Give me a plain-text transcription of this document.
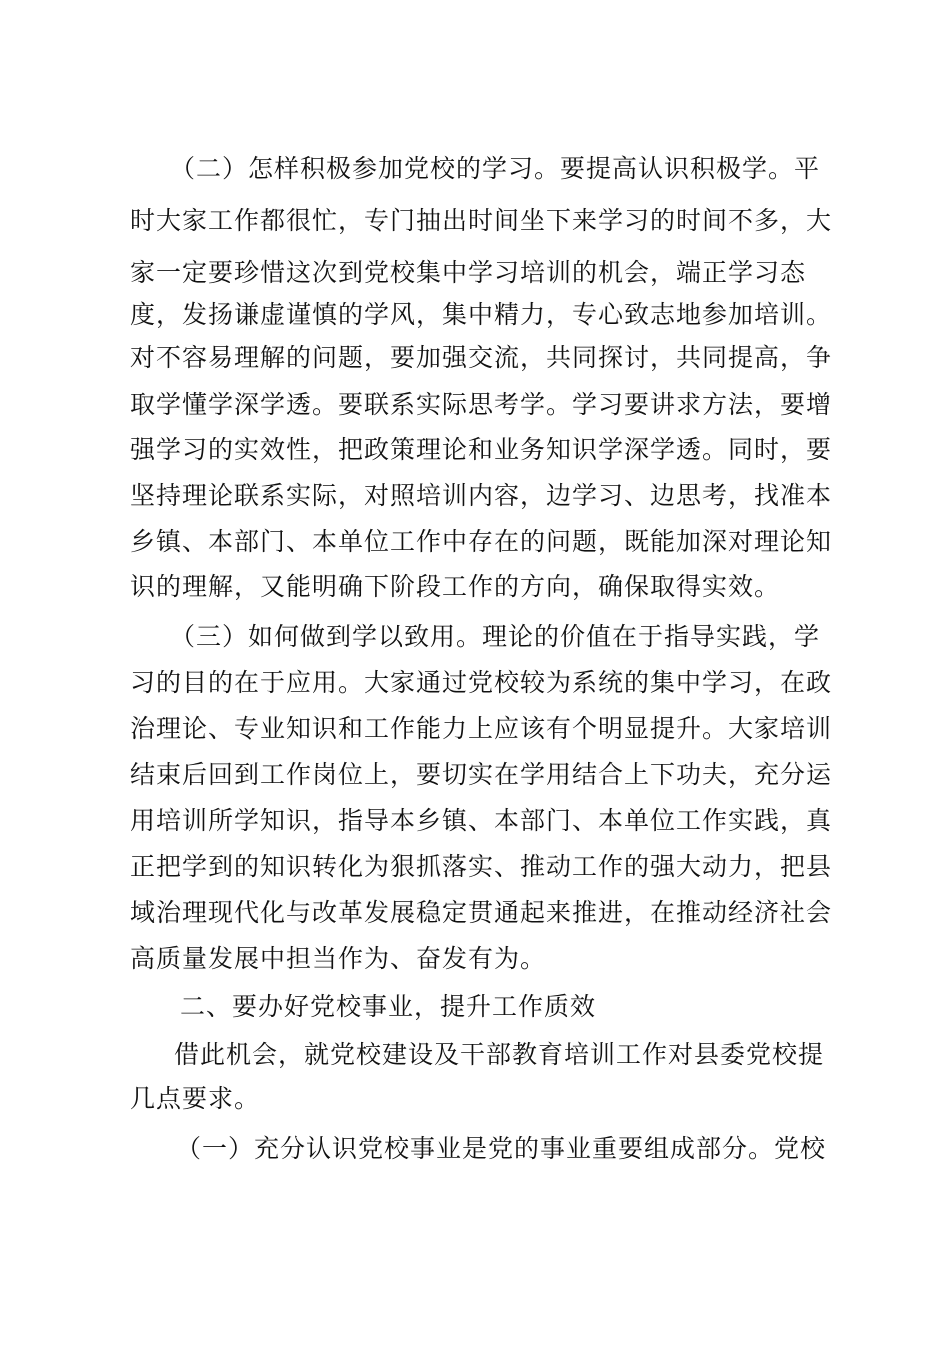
（二）怎样积极参加党校的学习。要提高认识积极学。平
时大家工作都很忙，专门抽出时间坐下来学习的时间不多，大
家一定要珍惜这次到党校集中学习培训的机会，端正学习态
度，发扬谦虚谨慎的学风，集中精力，专心致志地参加培训。
对不容易理解的问题，要加强交流，共同探讨，共同提高，争
取学懂学深学透。要联系实际思考学。学习要讲求方法，要增
强学习的实效性，把政策理论和业务知识学深学透。同时，要
坚持理论联系实际，对照培训内容，边学习、边思考，找准本
乡镇、本部门、本单位工作中存在的问题，既能加深对理论知
识的理解，又能明确下阶段工作的方向，确保取得实效。
（三）如何做到学以致用。理论的价值在于指导实践，学
习的目的在于应用。大家通过党校较为系统的集中学习，在政
治理论、专业知识和工作能力上应该有个明显提升。大家培训
结束后回到工作岗位上，要切实在学用结合上下功夫，充分运
用培训所学知识，指导本乡镇、本部门、本单位工作实践，真
正把学到的知识转化为狠抓落实、推动工作的强大动力，把县
域治理现代化与改革发展稳定贯通起来推进，在推动经济社会
高质量发展中担当作为、奋发有为。
二、要办好党校事业，提升工作质效
借此机会，就党校建设及干部教育培训工作对县委党校提
几点要求。
（一）充分认识党校事业是党的事业重要组成部分。党校
